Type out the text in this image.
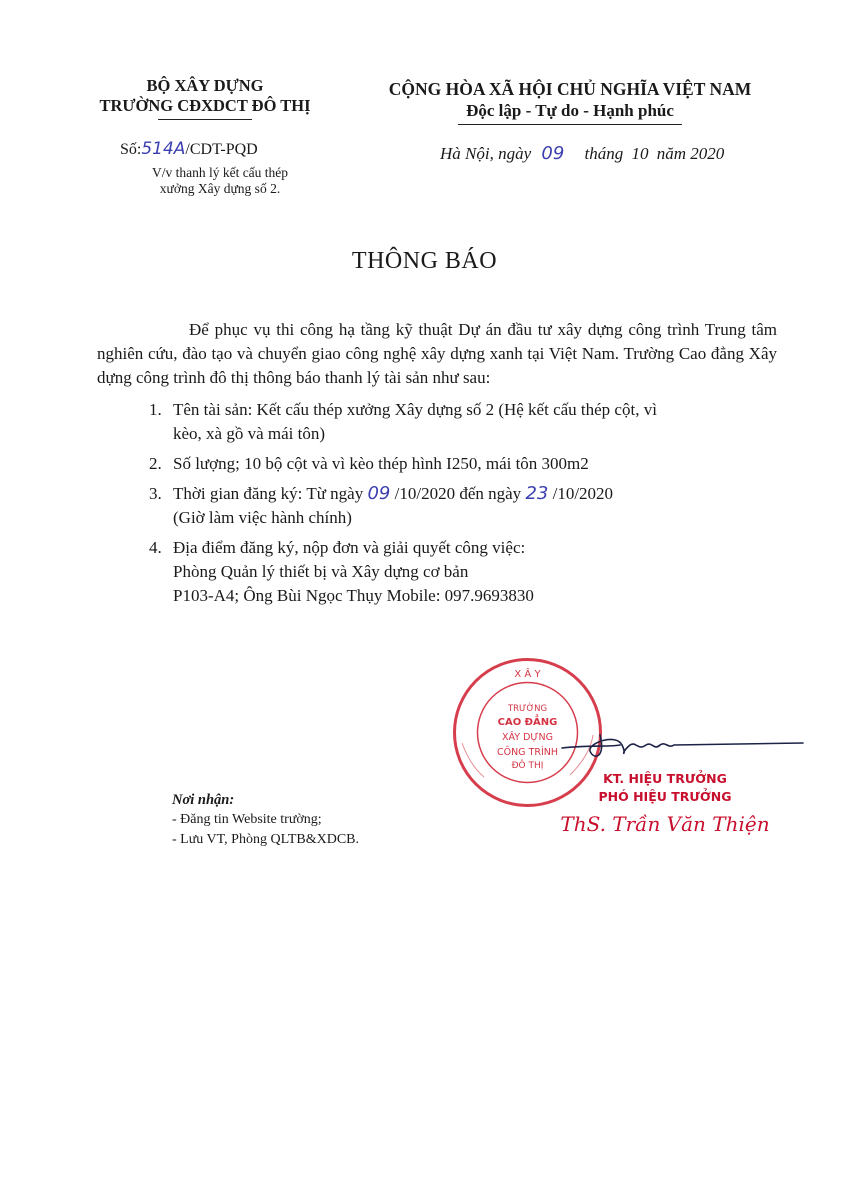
BỘ XÂY DỰNG
TRƯỜNG CĐXDCT ĐÔ THỊ
CỘNG HÒA XÃ HỘI CHỦ NGHĨA VIỆT NAM
Độc lập - Tự do - Hạnh phúc
Số:514A/CDT-PQD
V/v thanh lý kết cấu thép
xưởng Xây dựng số 2.
Hà Nội, ngày 09 tháng 10 năm 2020
THÔNG BÁO

Để phục vụ thi công hạ tầng kỹ thuật Dự án đầu tư xây dựng công trình Trung tâm nghiên cứu, đào tạo và chuyển giao công nghệ xây dựng xanh tại Việt Nam. Trường Cao đẳng Xây dựng công trình đô thị thông báo thanh lý tài sản như sau:

1. Tên tài sản: Kết cấu thép xưởng Xây dựng số 2 (Hệ kết cấu thép cột, vì
kèo, xà gồ và mái tôn)
2. Số lượng; 10 bộ cột và vì kèo thép hình I250, mái tôn 300m2
3. Thời gian đăng ký: Từ ngày 09 /10/2020 đến ngày 23 /10/2020
(Giờ làm việc hành chính)
4. Địa điểm đăng ký, nộp đơn và giải quyết công việc:
Phòng Quản lý thiết bị và Xây dựng cơ bản
P103-A4; Ông Bùi Ngọc Thụy Mobile: 097.9693830
X Â Y
TRƯỜNG
CAO ĐẲNG
XÂY DỰNG
CÔNG TRÌNH
ĐÔ THỊ
KT. HIỆU TRƯỞNG
PHÓ HIỆU TRƯỞNG
ThS. Trần Văn Thiện
Nơi nhận:
- Đăng tin Website trường;
- Lưu VT, Phòng QLTB&XDCB.
